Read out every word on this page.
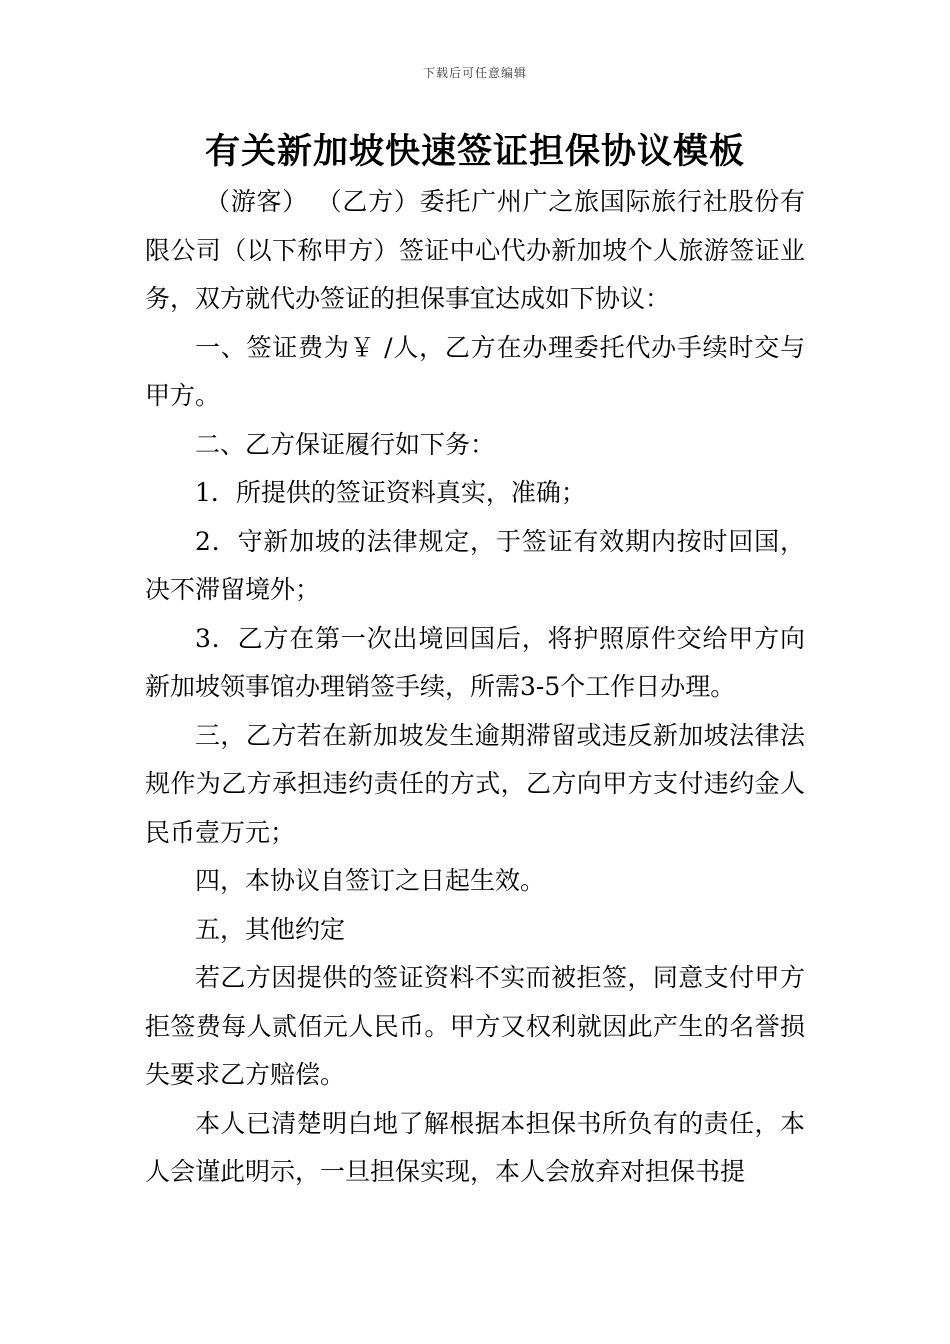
下载后可任意编辑
有关新加坡快速签证担保协议模板

（游客） （乙方）委托广州广之旅国际旅行社股份有限公司（以下称甲方）签证中心代办新加坡个人旅游签证业务，双方就代办签证的担保事宜达成如下协议：

一、签证费为￥ /人，乙方在办理委托代办手续时交与甲方。

二、乙方保证履行如下务：

1．所提供的签证资料真实，准确；

2．守新加坡的法律规定，于签证有效期内按时回国，决不滞留境外；

3．乙方在第一次出境回国后，将护照原件交给甲方向新加坡领事馆办理销签手续，所需3-5个工作日办理。

三，乙方若在新加坡发生逾期滞留或违反新加坡法律法规作为乙方承担违约责任的方式，乙方向甲方支付违约金人民币壹万元；

四，本协议自签订之日起生效。

五，其他约定

若乙方因提供的签证资料不实而被拒签，同意支付甲方拒签费每人贰佰元人民币。甲方又权利就因此产生的名誉损失要求乙方赔偿。

本人已清楚明白地了解根据本担保书所负有的责任，本人会谨此明示，一旦担保实现，本人会放弃对担保书提
